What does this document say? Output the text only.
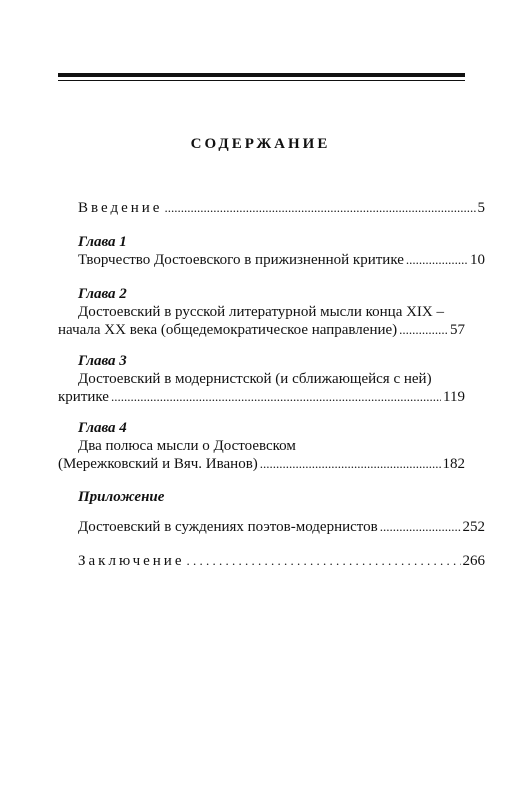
СОДЕРЖАНИЕ
Введение .....	5
Глава 1
Творчество Достоевского в прижизненной критике .....	10
Глава 2
Достоевский в русской литературной мысли конца XIX –
начала XX века (общедемократическое направление) .....	57
Глава 3
Достоевский в модернистской (и сближающейся с ней)
критике .....	119
Глава 4
Два полюса мысли о Достоевском
(Мережковский и Вяч. Иванов) .....	182
Приложение
Достоевский в суждениях поэтов-модернистов .....	252
Заключение . . .	266
